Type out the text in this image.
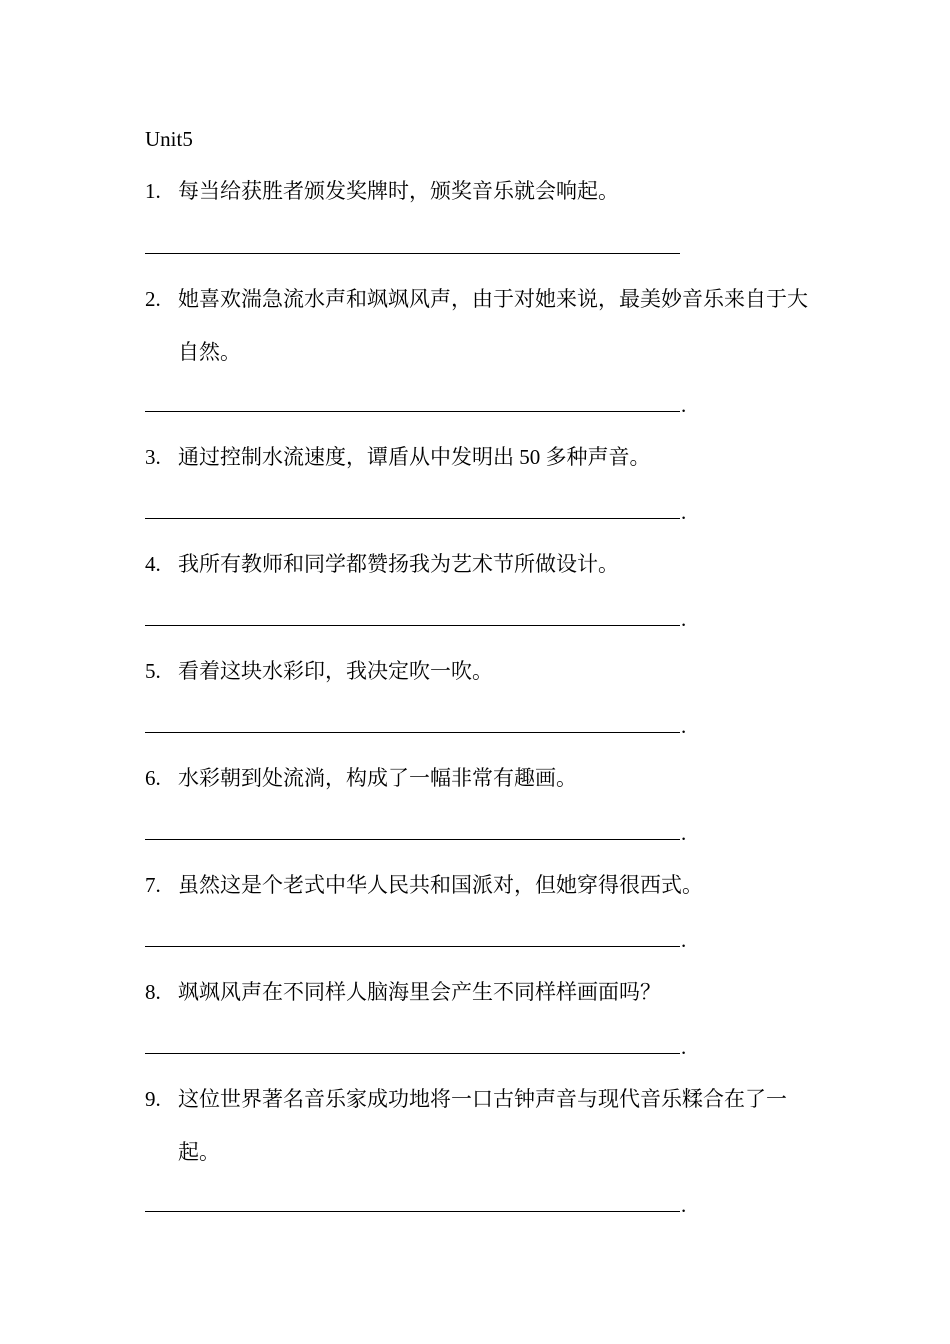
Unit5
1. 每当给获胜者颁发奖牌时，颁奖音乐就会响起。
2. 她喜欢湍急流水声和飒飒风声，由于对她来说，最美妙音乐来自于大自然。
.
3. 通过控制水流速度，谭盾从中发明出 50 多种声音。
.
4. 我所有教师和同学都赞扬我为艺术节所做设计。
.
5. 看着这块水彩印，我决定吹一吹。
.
6. 水彩朝到处流淌，构成了一幅非常有趣画。
.
7. 虽然这是个老式中华人民共和国派对，但她穿得很西式。
.
8. 飒飒风声在不同样人脑海里会产生不同样样画面吗？
.
9. 这位世界著名音乐家成功地将一口古钟声音与现代音乐糅合在了一起。
.
